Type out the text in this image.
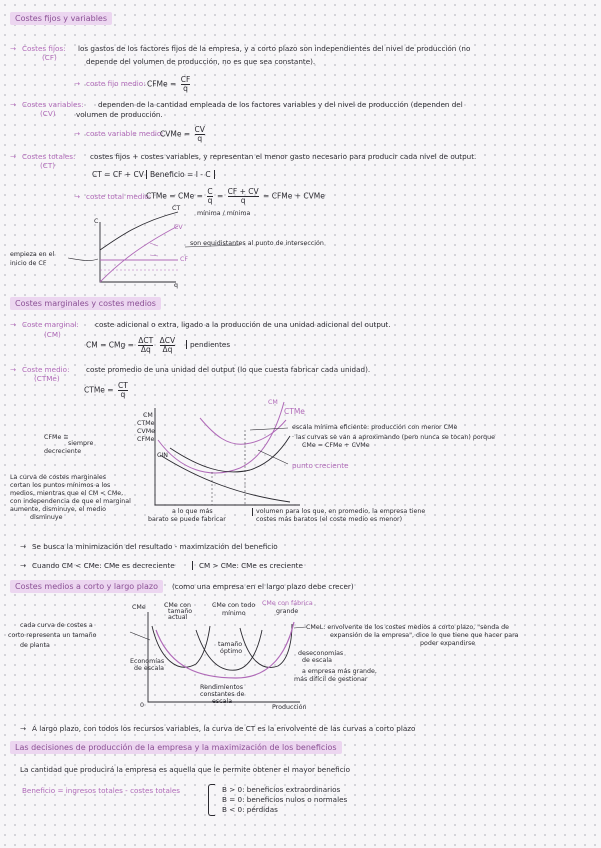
Costes fijos y variables
→ Costes fijos: los gastos de los factores fijos de la empresa, y a corto plazo son independientes del nivel de producción (no
(CF)	depende del volumen de producción, no es que sea constante).
→ coste fijo medio: CFMe = $\frac{CF}{q}$
→ Costes variables: dependen de la cantidad empleada de los factores variables y del nivel de producción (dependen del
(CV)	volumen de producción.
→ coste variable medio:
CVMe = $\frac{CV}{q}$
→ Costes totales: costes fijos + costes variables, y representan el menor gasto necesario para producir cada nivel de output.
(CT)
CT = CF + CV Beneficio = I - C
→ coste total medio:
CTMe = CMe = $\frac{C}{q} = \frac{CF + CV}{q}$ = CFMe + CVMe
C
q
CT
CV
CF
mínima / mínima
empieza en el
inicio de CF
son equidistantes al punto de intersección
Costes marginales y costes medios
→ Coste marginal: coste adicional o extra, ligado a la producción de una unidad adicional del output.
(CM)
CM = CMg = $\frac{\text{ΔCT}}{\Delta q}$
$\frac{\text{ΔCV}}{\Delta q}$	pendientes
→ Coste medio: coste promedio de una unidad del output (lo que cuesta fabricar cada unidad).
(CTMe)
CTMe = $\frac{CT}{q}$
CM
CTMe
CVMe
CFMe
CIN
CM
CTMe
CFMe ≡
siempre
decreciente
escala mínima eficiente: producción con menor CMe
· las curvas se van a aproximando (pero nunca se tocan) porque
CMe = CFMe + CVMe
punto creciente
La curva de costes marginales
cortan los puntos mínimos a los
medios, mientras que el CM < CMe,
con independencia de que el marginal
aumente, disminuye, el medio
disminuye
a lo que más
barato se puede fabricar
volumen para los que, en promedio, la empresa tiene
costes más baratos (el coste medio es menor)
→ Se busca la minimización del resultado - maximización del beneficio
→ Cuando CM < CMe: CMe es decreciente	CM > CMe: CMe es creciente
Costes medios a corto y largo plazo	(como una empresa en el largo plazo debe crecer)
CMe
Producción
0
CMe con
tamaño
actual
CMe con todo
mínimo
CMe con fábrica
grande
cada curva de costes a
corto representa un tamaño
de planta
CMeL: envolvente de los costes medios a corto plazo, "senda de
expansión de la empresa", dice lo que tiene que hacer para
poder expandirse
Economías
de escala
tamaño
óptimo
Rendimientos
constantes de
escala
deseconomías
de escala
a empresa más grande,
más difícil de gestionar
→ A largo plazo, con todos los recursos variables, la curva de CT es la envolvente de las curvas a corto plazo
Las decisiones de producción de la empresa y la maximización de los beneficios
La cantidad que producirá la empresa es aquella que le permite obtener el mayor beneficio
Beneficio = ingresos totales - costes totales	B > 0: beneficios extraordinarios
B = 0: beneficios nulos o normales
B < 0: pérdidas
